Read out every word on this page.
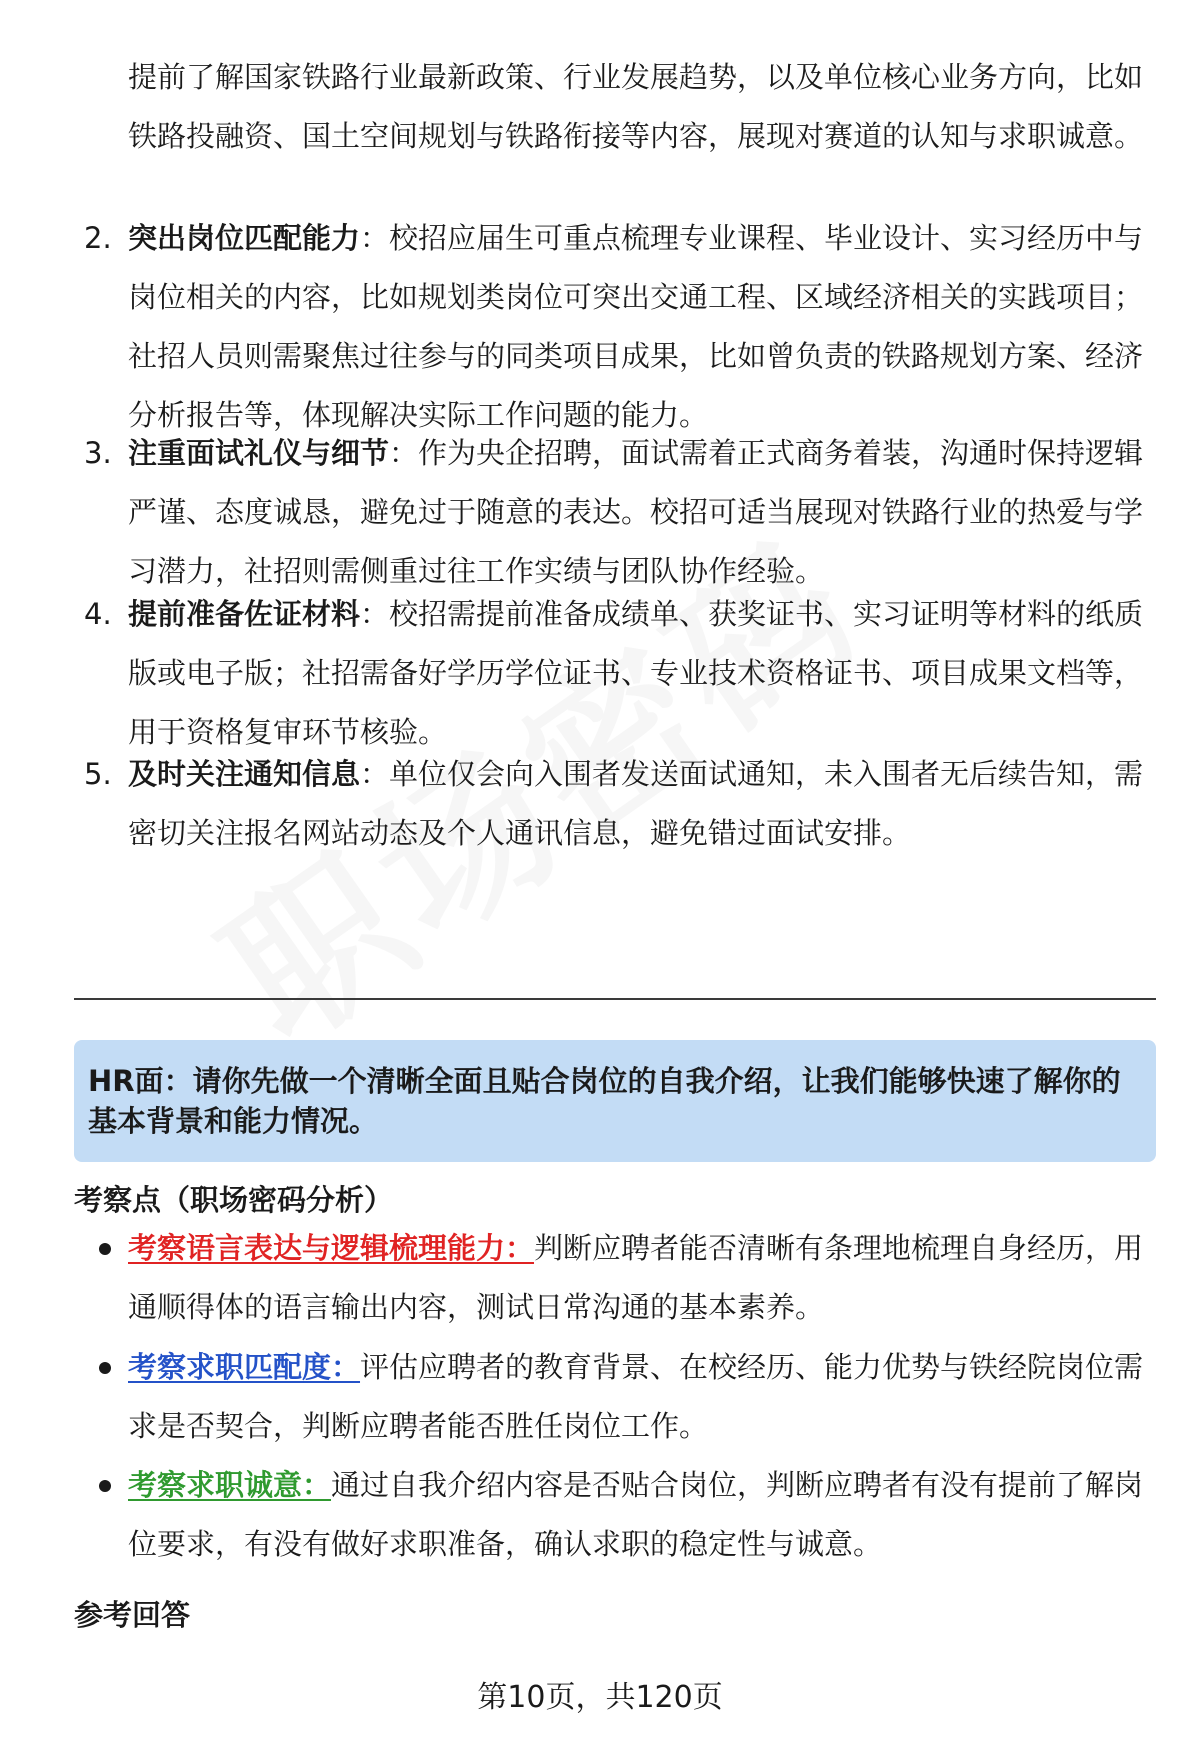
提前了解国家铁路行业最新政策、行业发展趋势，以及单位核心业务方向，比如铁路投融资、国土空间规划与铁路衔接等内容，展现对赛道的认知与求职诚意。

2. 突出岗位匹配能力：校招应届生可重点梳理专业课程、毕业设计、实习经历中与岗位相关的内容，比如规划类岗位可突出交通工程、区域经济相关的实践项目；社招人员则需聚焦过往参与的同类项目成果，比如曾负责的铁路规划方案、经济分析报告等，体现解决实际工作问题的能力。

3. 注重面试礼仪与细节：作为央企招聘，面试需着正式商务着装，沟通时保持逻辑严谨、态度诚恳，避免过于随意的表达。校招可适当展现对铁路行业的热爱与学习潜力，社招则需侧重过往工作实绩与团队协作经验。

4. 提前准备佐证材料：校招需提前准备成绩单、获奖证书、实习证明等材料的纸质版或电子版；社招需备好学历学位证书、专业技术资格证书、项目成果文档等，用于资格复审环节核验。

5. 及时关注通知信息：单位仅会向入围者发送面试通知，未入围者无后续告知，需密切关注报名网站动态及个人通讯信息，避免错过面试安排。

HR面：请你先做一个清晰全面且贴合岗位的自我介绍，让我们能够快速了解你的基本背景和能力情况。

考察点（职场密码分析）

考察语言表达与逻辑梳理能力：判断应聘者能否清晰有条理地梳理自身经历，用通顺得体的语言输出内容，测试日常沟通的基本素养。

考察求职匹配度：评估应聘者的教育背景、在校经历、能力优势与铁经院岗位需求是否契合，判断应聘者能否胜任岗位工作。

考察求职诚意：通过自我介绍内容是否贴合岗位，判断应聘者有没有提前了解岗位要求，有没有做好求职准备，确认求职的稳定性与诚意。

参考回答

第10页，共120页
